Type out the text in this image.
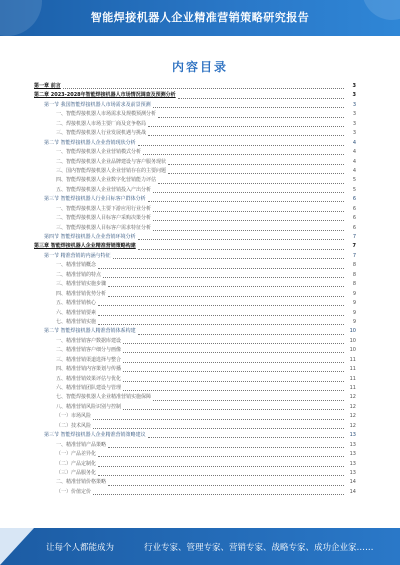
智能焊接机器人企业精准营销策略研究报告
内容目录
第一章 前言	3
第二章 2023-2028年智能焊接机器人市场情况调查及预测分析	3
第一节 我国智能焊接机器人市场需求及前景预测	3
一、智能焊接机器人市场需求及规模预测分析	3
二、焊接机器人市场主要厂商及竞争格局	3
三、智能焊接机器人行业发展机遇与挑战	3
第二节 智能焊接机器人企业营销现状分析	4
一、智能焊接机器人企业营销模式分析	4
二、智能焊接机器人企业品牌建设与客户服务现状	4
三、国内智能焊接机器人企业营销存在的主要问题	4
四、智能焊接机器人企业数字化营销能力评估	5
五、智能焊接机器人企业营销投入产出分析	5
第三节 智能焊接机器人行业目标客户群体分析	6
一、智能焊接机器人主要下游应用行业分析	6
二、智能焊接机器人目标客户采购决策分析	6
三、智能焊接机器人目标客户需求特征分析	6
第四节 智能焊接机器人企业营销环境分析	7
第三章 智能焊接机器人企业精准营销策略构建	7
第一节 精准营销的内涵与特征	7
一、精准营销概念	8
二、精准营销的特点	8
三、精准营销实施步骤	8
四、精准营销优势分析	9
五、精准营销核心	9
六、精准营销要素	9
七、精准营销实施	9
第二节 智能焊接机器人精准营销体系构建	10
一、精准营销客户数据库建设	10
二、精准营销客户细分与画像	10
三、精准营销渠道选择与整合	11
四、精准营销内容策划与传播	11
五、精准营销效果评估与优化	11
六、精准营销团队建设与管理	11
七、智能焊接机器人企业精准营销实施保障	12
八、精准营销风险识别与控制	12
（一）市场风险	12
（二）技术风险	12
第三节 智能焊接机器人企业精准营销策略建议	13
一、精准营销产品策略	13
（一）产品差异化	13
（二）产品定制化	13
（三）产品服务化	13
二、精准营销价格策略	14
（一）价值定价	14
让每个人都能成为	行业专家、管理专家、营销专家、战略专家、成功企业家……
